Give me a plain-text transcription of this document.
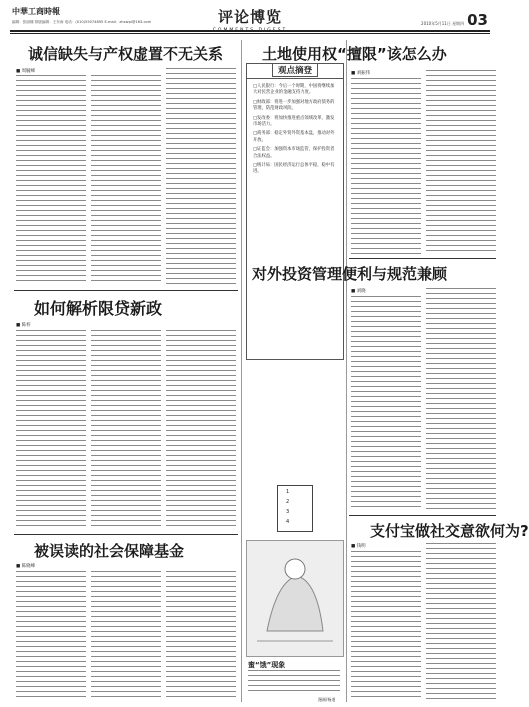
中華工商時報
编辑：张丽娜 排版编辑：王东雨 电话：(010)55074895 E-mail：zhxwpl@163.com	评论博览	2010年5月11日 星期四 03
诚信缺失与产权虚置不无关系
■ 周毓峰
如何解析限贷新政
■ 陈梓
被误读的社会保障基金
■ 陈晓峰
观点摘登

□人民银行：今后一个时期，中国将继续加大对民营企业的金融支持力度。

□财政部：将进一步加强对地方政府债务的管理，防范财政风险。

□发改委：将加快推进重点领域改革，激发市场活力。

□商务部：稳定外贸外资基本盘，推动对外开放。

□证监会：加强资本市场监管，保护投资者合法权益。

□统计局：国民经济运行总体平稳，稳中有进。

1
2
3
4
蜜“饿”现象
漫画/杨道
土地使用权“擅限”该怎么办
■ 刘振伟
对外投资管理便利与规范兼顾
■ 刘晓
支付宝做社交意欲何为?
■ 钱明
